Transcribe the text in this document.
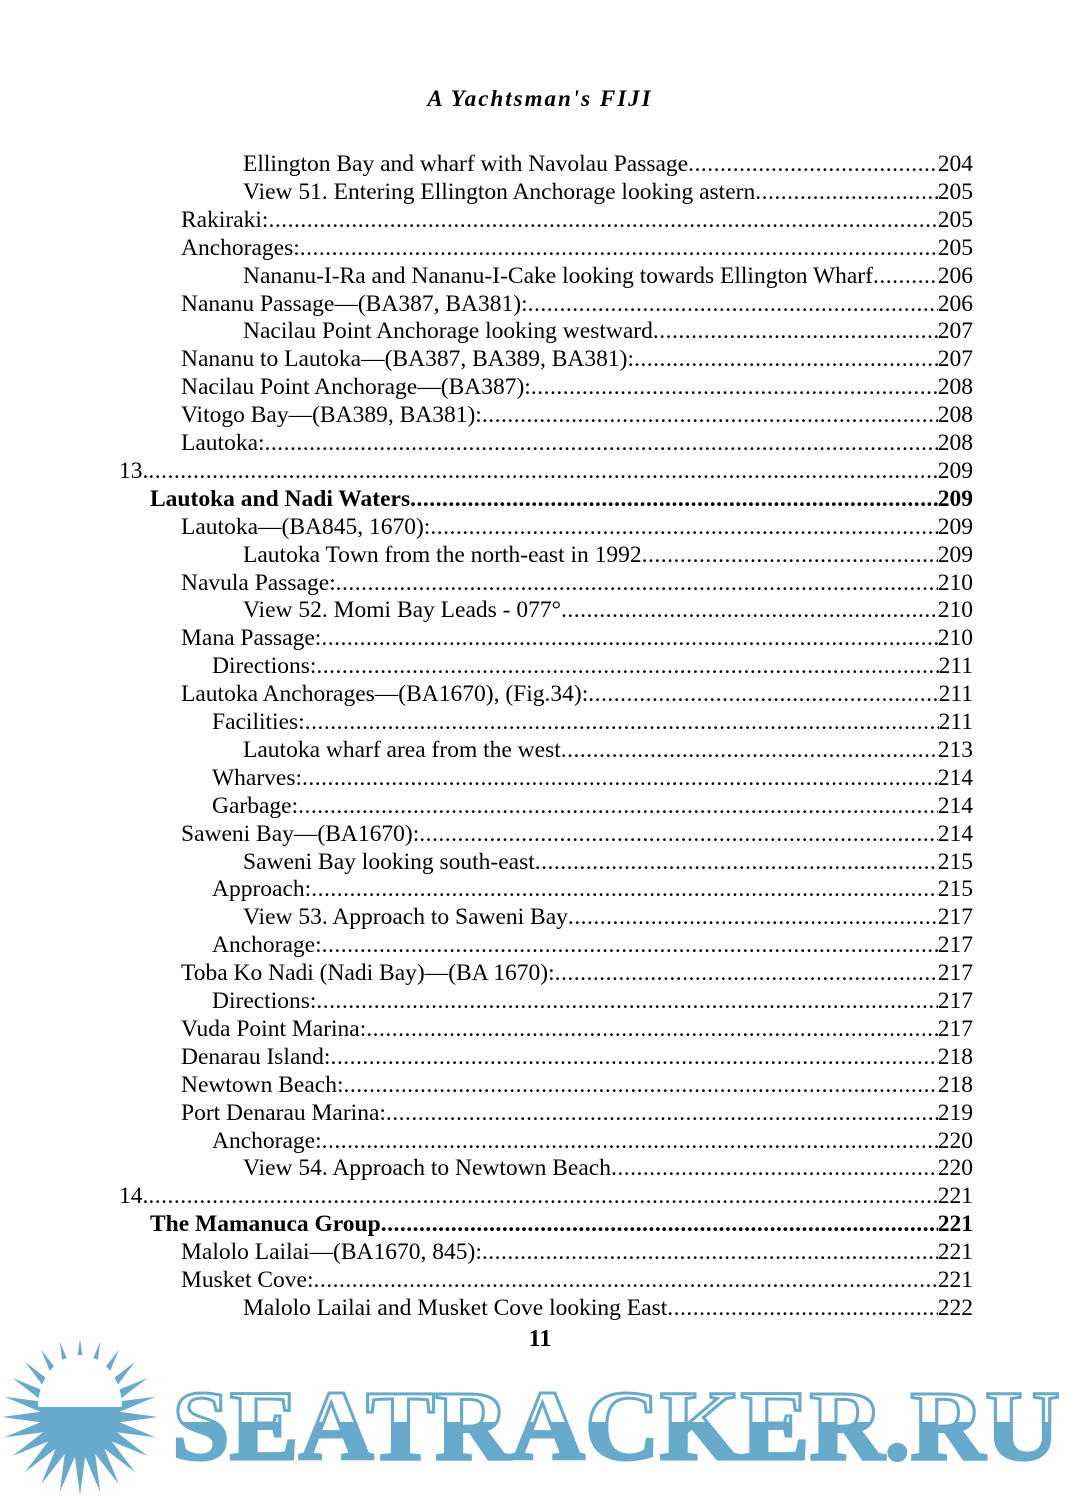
A Yachtsman's FIJI
Ellington Bay and wharf with Navolau Passage .....	204
View 51. Entering Ellington Anchorage looking astern .....	205
Rakiraki: .....	205
Anchorages: .....	205
Nananu-I-Ra and Nananu-I-Cake looking towards Ellington Wharf .....	206
Nananu Passage—(BA387, BA381): .....	206
Nacilau Point Anchorage looking westward .....	207
Nananu to Lautoka—(BA387, BA389, BA381): .....	207
Nacilau Point Anchorage—(BA387): .....	208
Vitogo Bay—(BA389, BA381): .....	208
Lautoka: .....	208
13. .....	209
Lautoka and Nadi Waters .....	209
Lautoka—(BA845, 1670): .....	209
Lautoka Town from the north-east in 1992 .....	209
Navula Passage: .....	210
View 52. Momi Bay Leads - 077° .....	210
Mana Passage: .....	210
Directions: .....	211
Lautoka Anchorages—(BA1670), (Fig.34): .....	211
Facilities: .....	211
Lautoka wharf area from the west .....	213
Wharves: .....	214
Garbage: .....	214
Saweni Bay—(BA1670): .....	214
Saweni Bay looking south-east .....	215
Approach: .....	215
View 53. Approach to Saweni Bay .....	217
Anchorage: .....	217
Toba Ko Nadi (Nadi Bay)—(BA 1670): .....	217
Directions: .....	217
Vuda Point Marina: .....	217
Denarau Island: .....	218
Newtown Beach: .....	218
Port Denarau Marina: .....	219
Anchorage: .....	220
View 54. Approach to Newtown Beach .....	220
14. .....	221
The Mamanuca Group .....	221
Malolo Lailai—(BA1670, 845): .....	221
Musket Cove: .....	221
Malolo Lailai and Musket Cove looking East .....	222
SEATRACKER.RU
11
